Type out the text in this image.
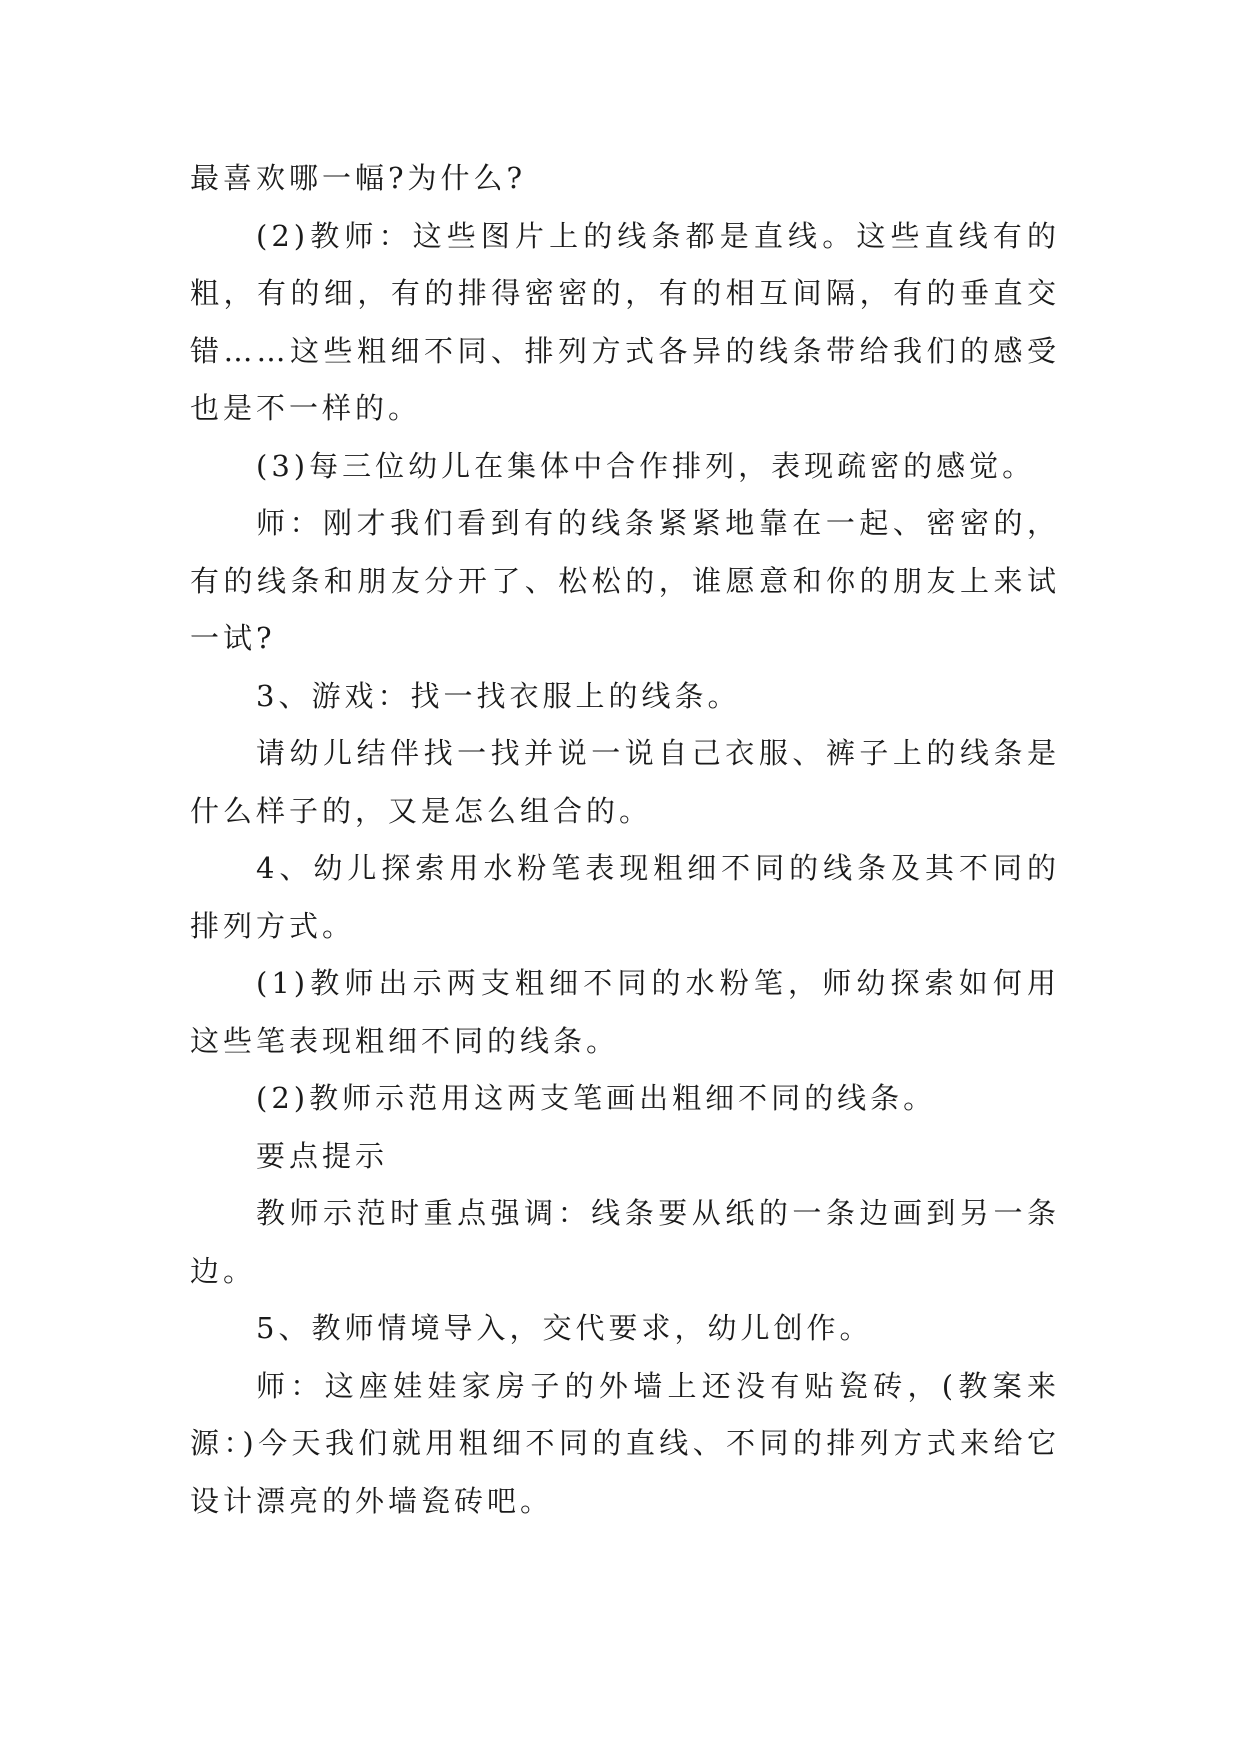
最喜欢哪一幅?为什么?

(2)教师：这些图片上的线条都是直线。这些直线有的粗，有的细，有的排得密密的，有的相互间隔，有的垂直交错……这些粗细不同、排列方式各异的线条带给我们的感受也是不一样的。

(3)每三位幼儿在集体中合作排列，表现疏密的感觉。

师：刚才我们看到有的线条紧紧地靠在一起、密密的，有的线条和朋友分开了、松松的，谁愿意和你的朋友上来试一试?

3、游戏：找一找衣服上的线条。

请幼儿结伴找一找并说一说自己衣服、裤子上的线条是什么样子的，又是怎么组合的。

4、幼儿探索用水粉笔表现粗细不同的线条及其不同的排列方式。

(1)教师出示两支粗细不同的水粉笔，师幼探索如何用这些笔表现粗细不同的线条。

(2)教师示范用这两支笔画出粗细不同的线条。

要点提示

教师示范时重点强调：线条要从纸的一条边画到另一条边。

5、教师情境导入，交代要求，幼儿创作。

师：这座娃娃家房子的外墙上还没有贴瓷砖，(教案来源：)今天我们就用粗细不同的直线、不同的排列方式来给它设计漂亮的外墙瓷砖吧。
